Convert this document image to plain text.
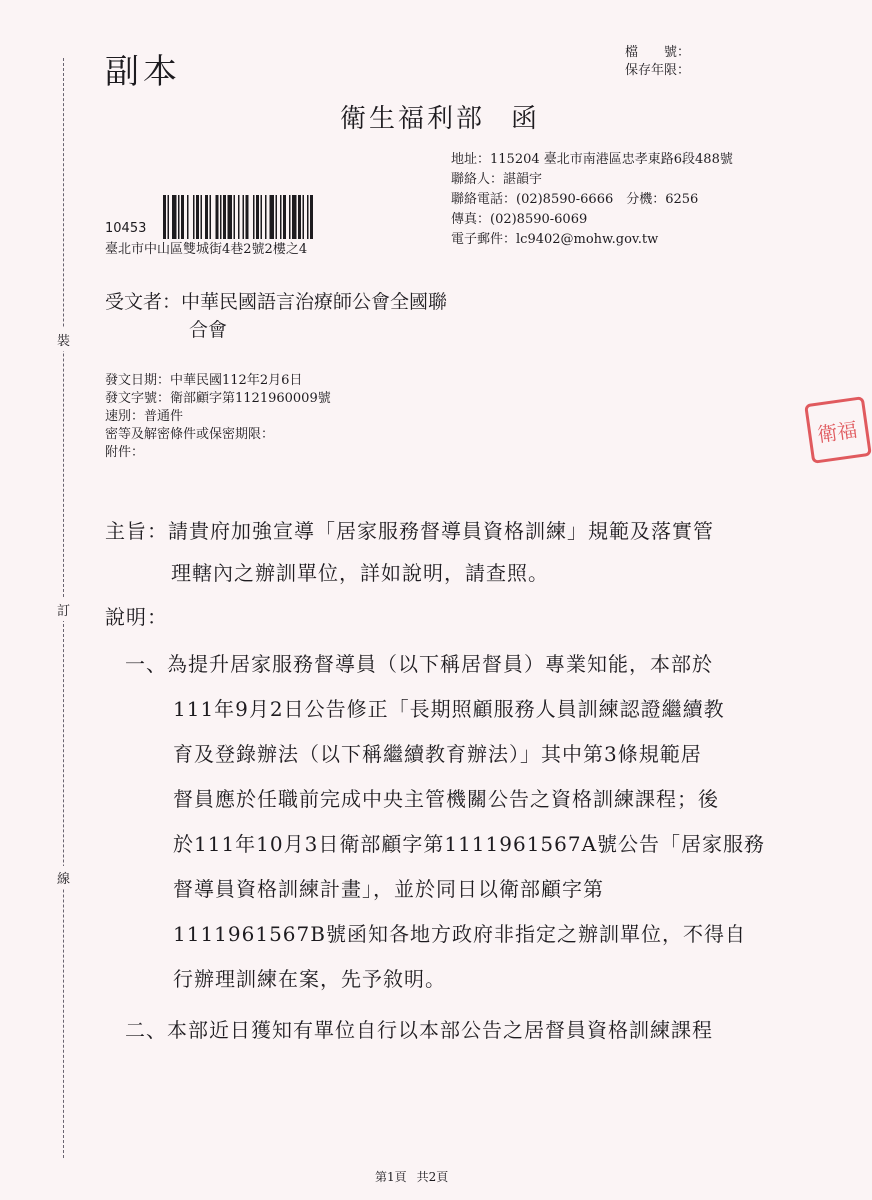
副本	檔　　號：
保存年限：
衛生福利部 函
地址：115204 臺北市南港區忠孝東路6段488號
聯絡人：諶韻宇
聯絡電話：(02)8590-6666　分機：6256
傳真：(02)8590-6069
電子郵件：lc9402@mohw.gov.tw
10453
臺北市中山區雙城街4巷2號2樓之4
裝
訂
線
受文者：中華民國語言治療師公會全國聯
合會
發文日期：中華民國112年2月6日
發文字號：衛部顧字第1121960009號
速別：普通件
密等及解密條件或保密期限：
附件：
衛福
主旨：請貴府加強宣導「居家服務督導員資格訓練」規範及落實管
理轄內之辦訓單位，詳如說明，請查照。
說明：
一、為提升居家服務督導員（以下稱居督員）專業知能，本部於
111年9月2日公告修正「長期照顧服務人員訓練認證繼續教
育及登錄辦法（以下稱繼續教育辦法）」其中第3條規範居
督員應於任職前完成中央主管機關公告之資格訓練課程；後
於111年10月3日衛部顧字第1111961567A號公告「居家服務
督導員資格訓練計畫」，並於同日以衛部顧字第
1111961567B號函知各地方政府非指定之辦訓單位，不得自
行辦理訓練在案，先予敘明。
二、本部近日獲知有單位自行以本部公告之居督員資格訓練課程
第1頁 共2頁
